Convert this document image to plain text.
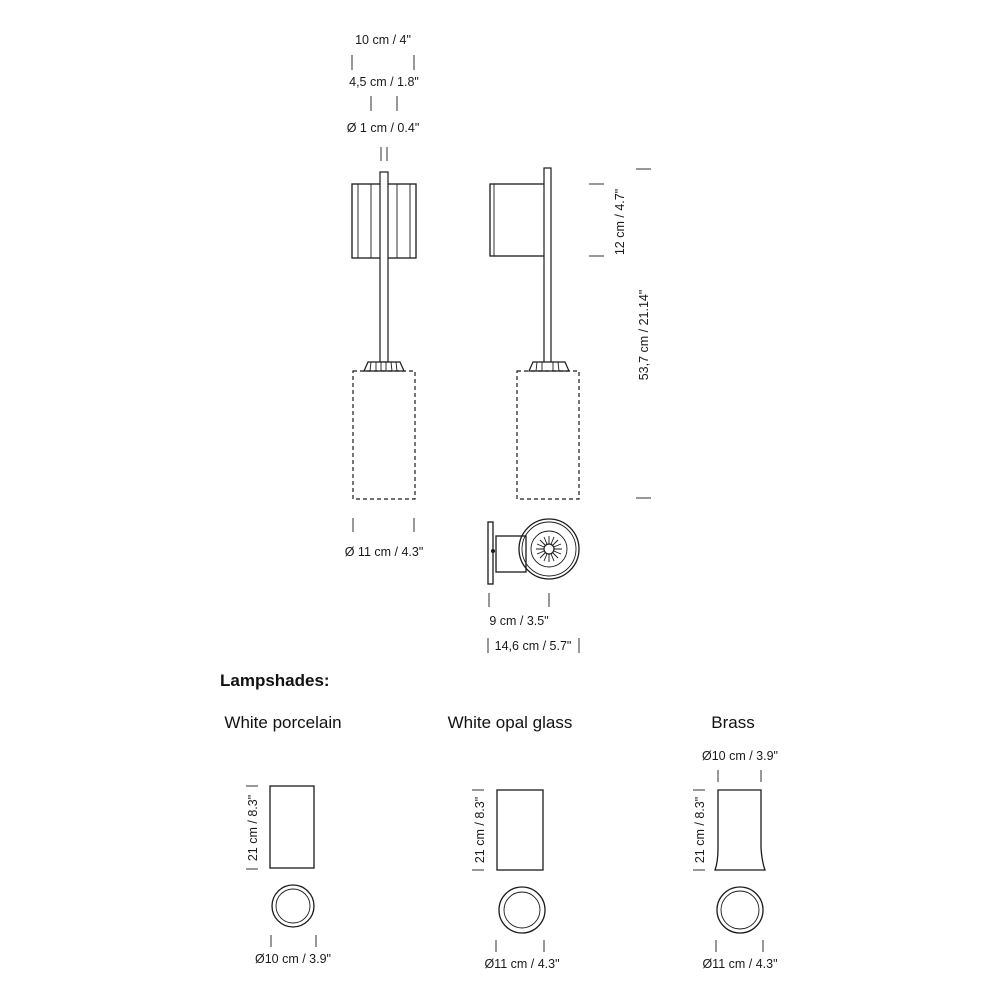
10 cm / 4"
4,5 cm / 1.8"
Ø 1 cm / 0.4"
Ø 11 cm / 4.3"
12 cm / 4.7"
53,7 cm / 21.14"
9 cm / 3.5"
14,6 cm / 5.7"
Lampshades:
White porcelain
21 cm / 8.3"
Ø10 cm / 3.9"
White opal glass
21 cm / 8.3"
Ø11 cm / 4.3"
Brass
Ø10 cm / 3.9"
21 cm / 8.3"
Ø11 cm / 4.3"
